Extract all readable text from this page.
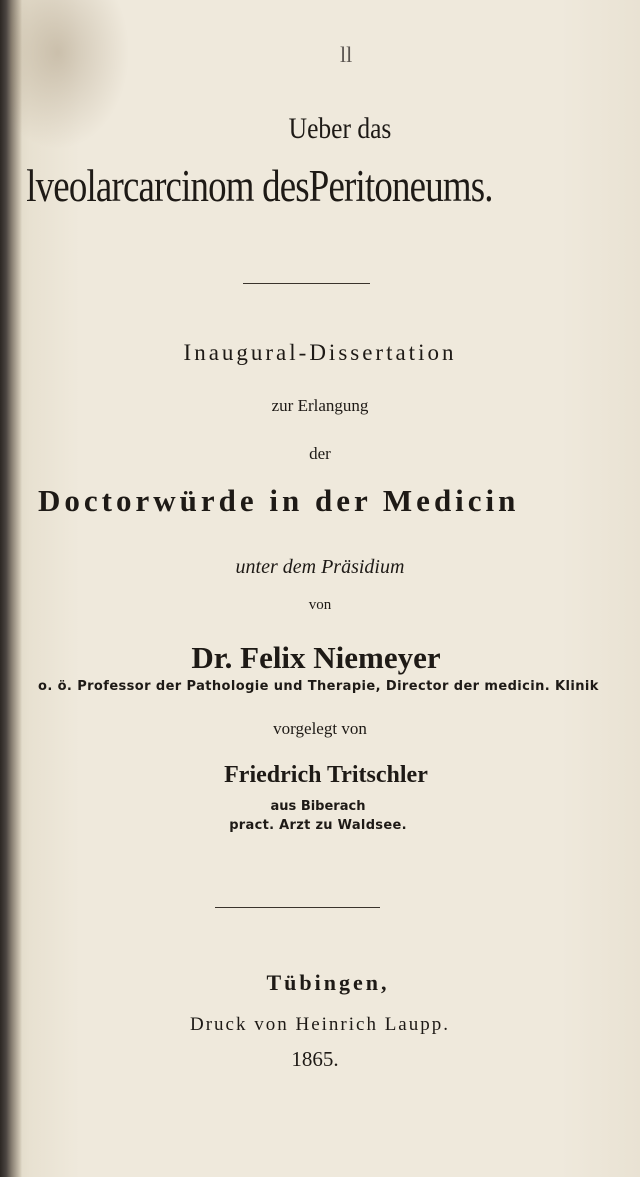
ll
Ueber das
lveolarcarcinom desPeritoneums.
Inaugural-Dissertation
zur Erlangung
der
Doctorwürde in der Medicin
unter dem Präsidium
von
Dr. Felix Niemeyer
o. ö. Professor der Pathologie und Therapie, Director der medicin. Klinik
vorgelegt von
Friedrich Tritschler
aus Biberach
pract. Arzt zu Waldsee.
Tübingen,
Druck von Heinrich Laupp.
1865.
